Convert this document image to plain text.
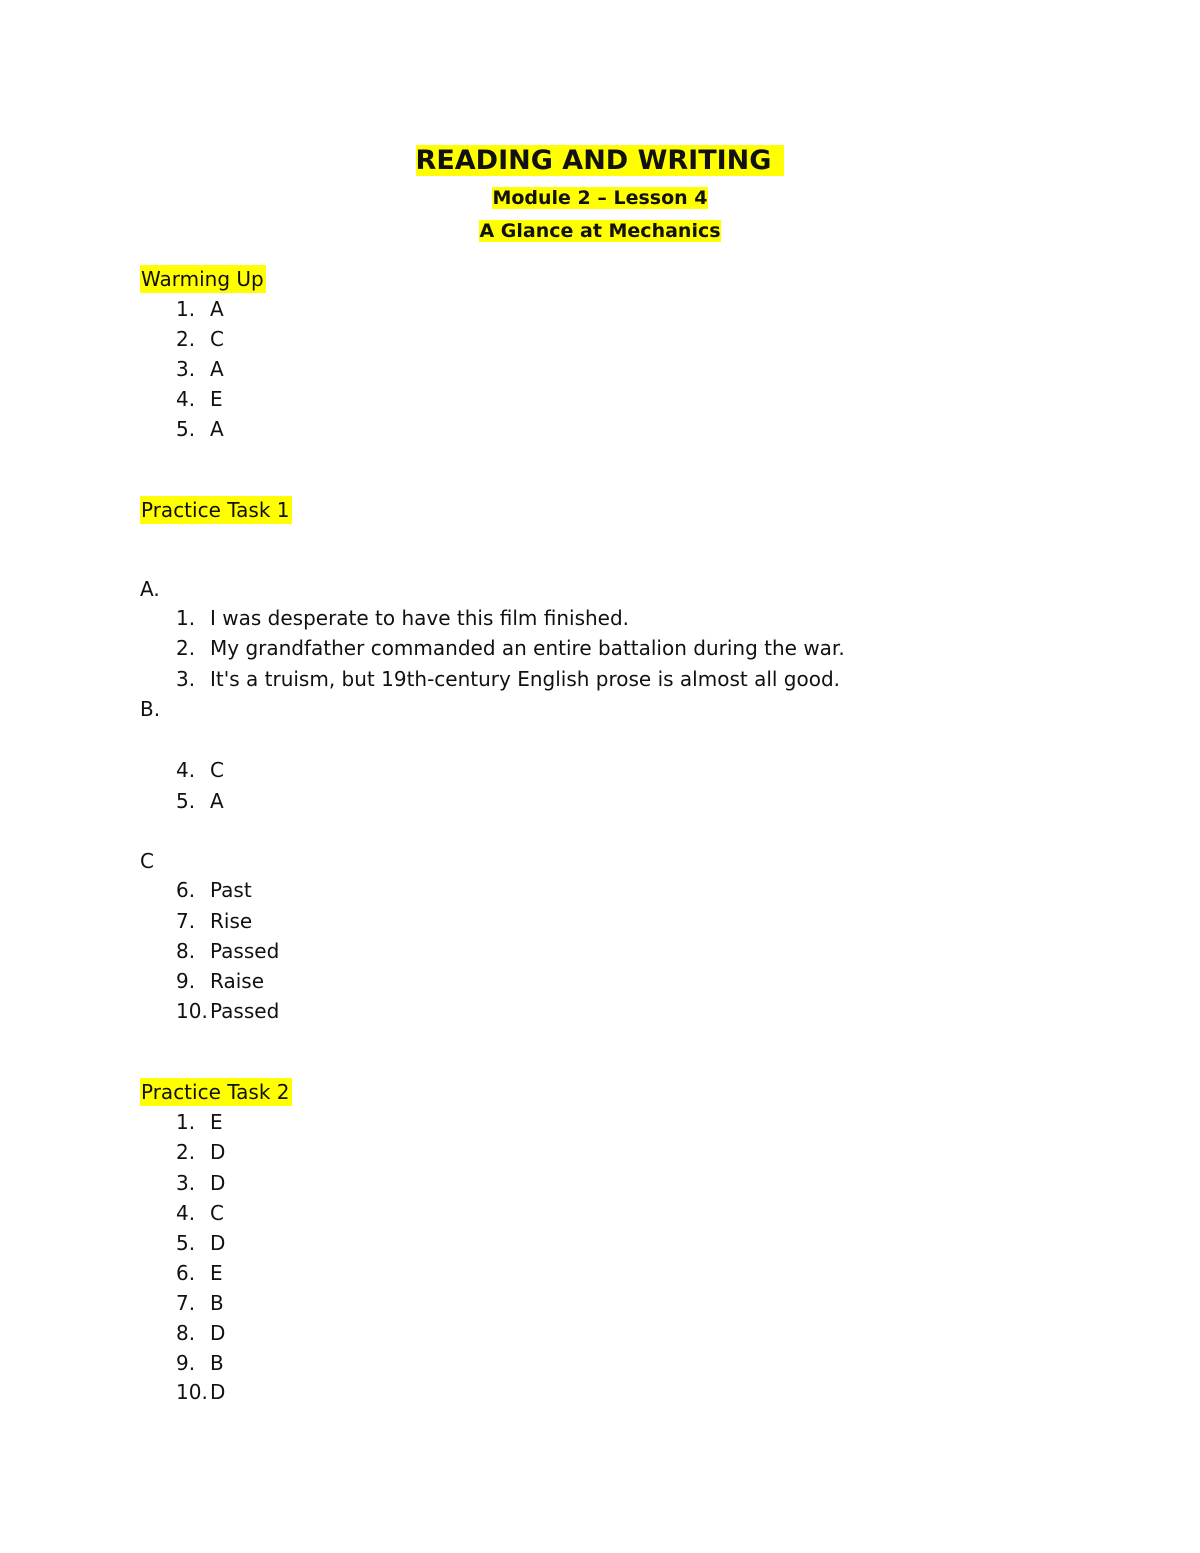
READING AND WRITING
Module 2 – Lesson 4
A Glance at Mechanics
Warming Up
1. A
2. C
3. A
4. E
5. A
Practice Task 1
A.
1. I was desperate to have this film finished.
2. My grandfather commanded an entire battalion during the war.
3. It's a truism, but 19th-century English prose is almost all good.
B.
4. C
5. A
C
6. Past
7. Rise
8. Passed
9. Raise
10. Passed
Practice Task 2
1. E
2. D
3. D
4. C
5. D
6. E
7. B
8. D
9. B
10. D
